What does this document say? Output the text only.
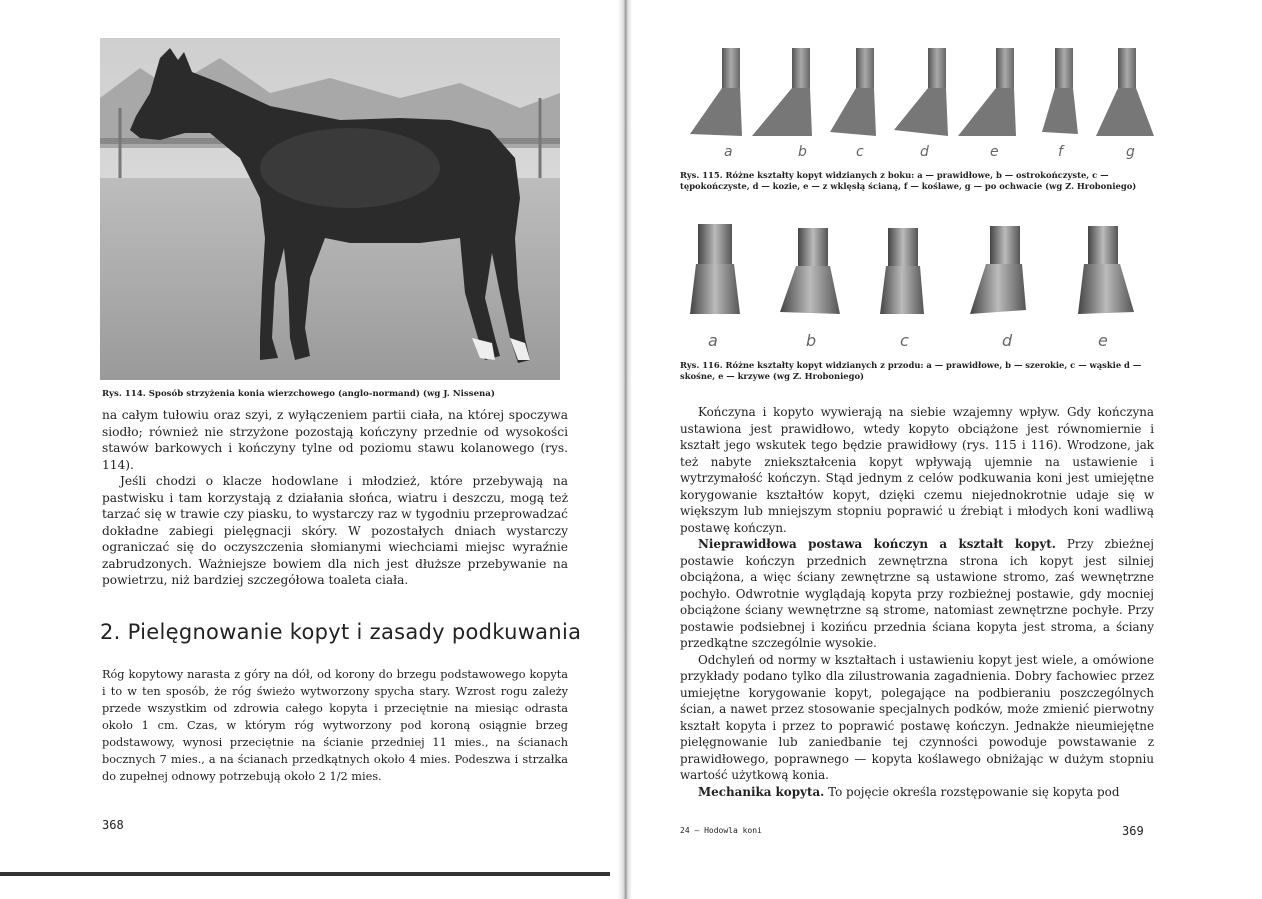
Rys. 114. Sposób strzyżenia konia wierzchowego (anglo-normand) (wg J. Nissena)

na całym tułowiu oraz szyi, z wyłączeniem partii ciała, na której spoczywa siodło; również nie strzyżone pozostają kończyny przednie od wysokości stawów barkowych i kończyny tylne od poziomu stawu kolanowego (rys. 114).

Jeśli chodzi o klacze hodowlane i młodzież, które przebywają na pastwisku i tam korzystają z działania słońca, wiatru i deszczu, mogą też tarzać się w trawie czy piasku, to wystarczy raz w tygodniu przeprowadzać dokładne zabiegi pielęgnacji skóry. W pozostałych dniach wystarczy ograniczać się do oczyszczenia słomianymi wiechciami miejsc wyraźnie zabrudzonych. Ważniejsze bowiem dla nich jest dłuższe przebywanie na powietrzu, niż bardziej szczegółowa toaleta ciała.

2. Pielęgnowanie kopyt i zasady podkuwania
Róg kopytowy narasta z góry na dół, od korony do brzegu podstawowego kopyta i to w ten sposób, że róg świeżo wytworzony spycha stary. Wzrost rogu zależy przede wszystkim od zdrowia całego kopyta i przeciętnie na miesiąc odrasta około 1 cm. Czas, w którym róg wytworzony pod koroną osiągnie brzeg podstawowy, wynosi przeciętnie na ścianie przedniej 11 mies., na ścianach bocznych 7 mies., a na ścianach przedkątnych około 4 mies. Podeszwa i strzałka do zupełnej odnowy potrzebują około 2 1/2 mies.
368
a	b	c	d	e	f	g
Rys. 115. Różne kształty kopyt widzianych z boku: a — prawidłowe, b — ostrokończyste, c — tępokończyste, d — kozie, e — z wklęsłą ścianą, f — koślawe, g — po ochwacie (wg Z. Hroboniego)
a	b	c	d	e
Rys. 116. Różne kształty kopyt widzianych z przodu: a — prawidłowe, b — szerokie, c — wąskie d — skośne, e — krzywe (wg Z. Hroboniego)

Kończyna i kopyto wywierają na siebie wzajemny wpływ. Gdy kończyna ustawiona jest prawidłowo, wtedy kopyto obciążone jest równomiernie i kształt jego wskutek tego będzie prawidłowy (rys. 115 i 116). Wrodzone, jak też nabyte zniekształcenia kopyt wpływają ujemnie na ustawienie i wytrzymałość kończyn. Stąd jednym z celów podkuwania koni jest umiejętne korygowanie kształtów kopyt, dzięki czemu niejednokrotnie udaje się w większym lub mniejszym stopniu poprawić u źrebiąt i młodych koni wadliwą postawę kończyn.

Nieprawidłowa postawa kończyn a kształt kopyt. Przy zbieżnej postawie kończyn przednich zewnętrzna strona ich kopyt jest silniej obciążona, a więc ściany zewnętrzne są ustawione stromo, zaś wewnętrzne pochyło. Odwrotnie wyglądają kopyta przy rozbieżnej postawie, gdy mocniej obciążone ściany wewnętrzne są strome, natomiast zewnętrzne pochyłe. Przy postawie podsiebnej i kozińcu przednia ściana kopyta jest stroma, a ściany przedkątne szczególnie wysokie.

Odchyleń od normy w kształtach i ustawieniu kopyt jest wiele, a omówione przykłady podano tylko dla zilustrowania zagadnienia. Dobry fachowiec przez umiejętne korygowanie kopyt, polegające na podbieraniu poszczególnych ścian, a nawet przez stosowanie specjalnych podków, może zmienić pierwotny kształt kopyta i przez to poprawić postawę kończyn. Jednakże nieumiejętne pielęgnowanie lub zaniedbanie tej czynności powoduje powstawanie z prawidłowego, poprawnego — kopyta koślawego obniżając w dużym stopniu wartość użytkową konia.

Mechanika kopyta. To pojęcie określa rozstępowanie się kopyta pod

24 — Hodowla koni	369
